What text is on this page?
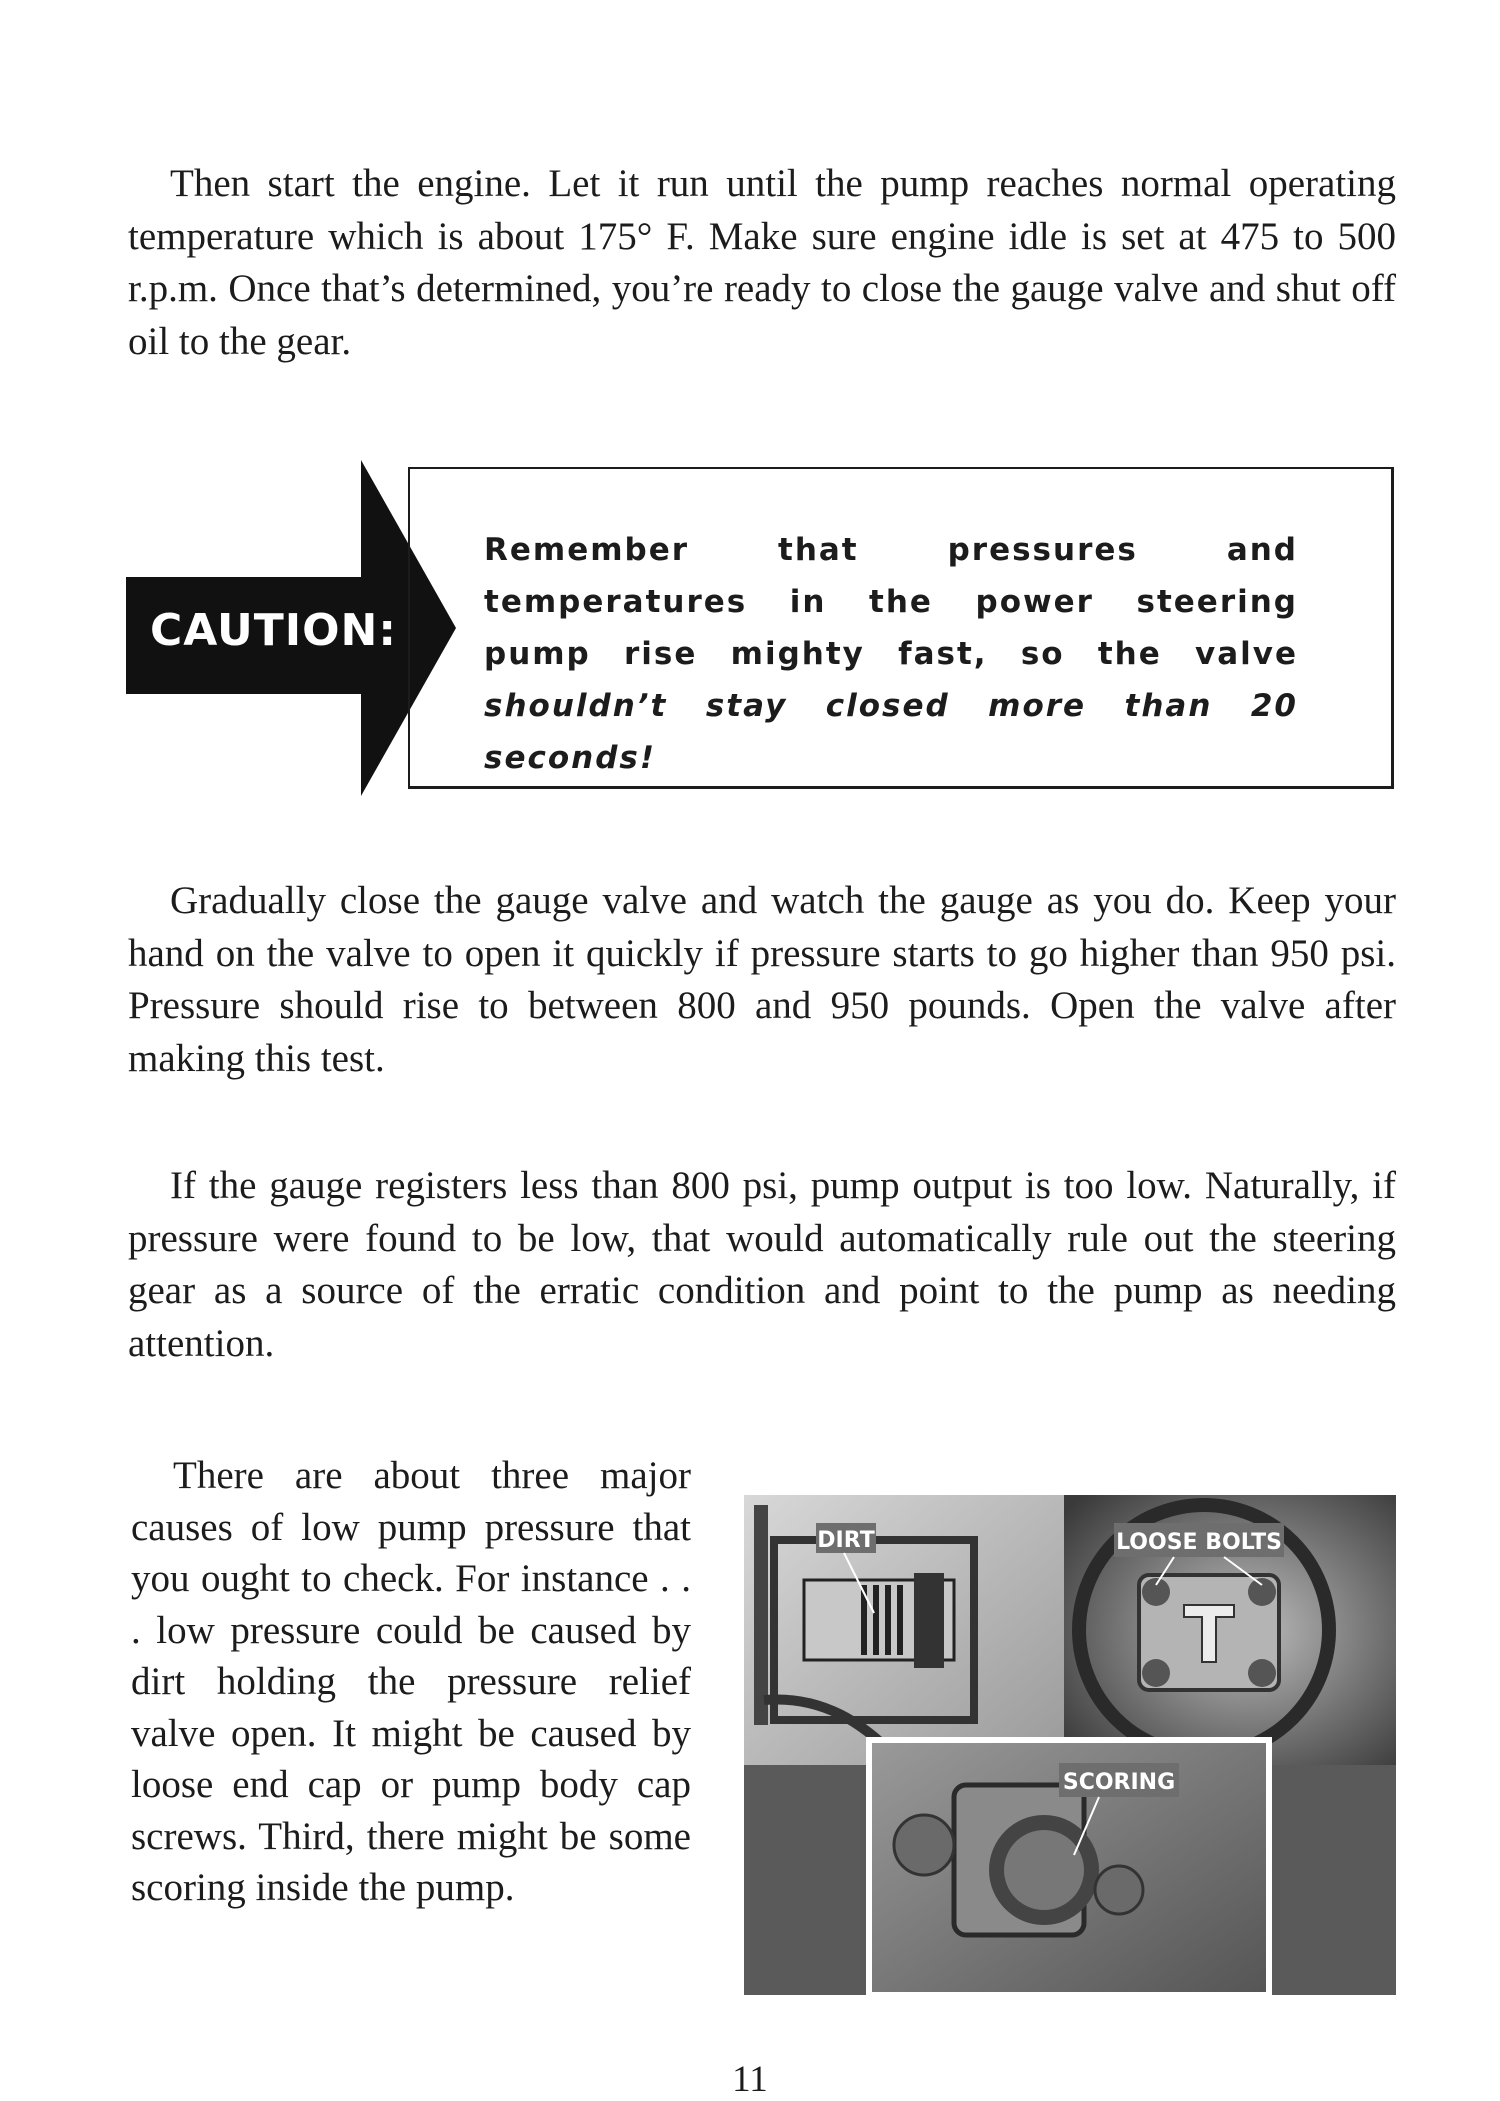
Then start the engine. Let it run until the pump reaches normal operating temperature which is about 175° F. Make sure engine idle is set at 475 to 500 r.p.m. Once that’s determined, you’re ready to close the gauge valve and shut off oil to the gear.

CAUTION:

Remember that pressures and temperatures in the power steering pump rise mighty fast, so the valve shouldn’t stay closed more than 20 seconds!

Gradually close the gauge valve and watch the gauge as you do. Keep your hand on the valve to open it quickly if pressure starts to go higher than 950 psi. Pressure should rise to between 800 and 950 pounds. Open the valve after making this test.

If the gauge registers less than 800 psi, pump output is too low. Naturally, if pressure were found to be low, that would automatically rule out the steering gear as a source of the erratic condition and point to the pump as needing attention.

There are about three major causes of low pump pressure that you ought to check. For instance . . . low pressure could be caused by dirt holding the pressure relief valve open. It might be caused by loose end cap or pump body cap screws. Third, there might be some scoring inside the pump.

DIRT	LOOSE BOLTS
SCORING
11
